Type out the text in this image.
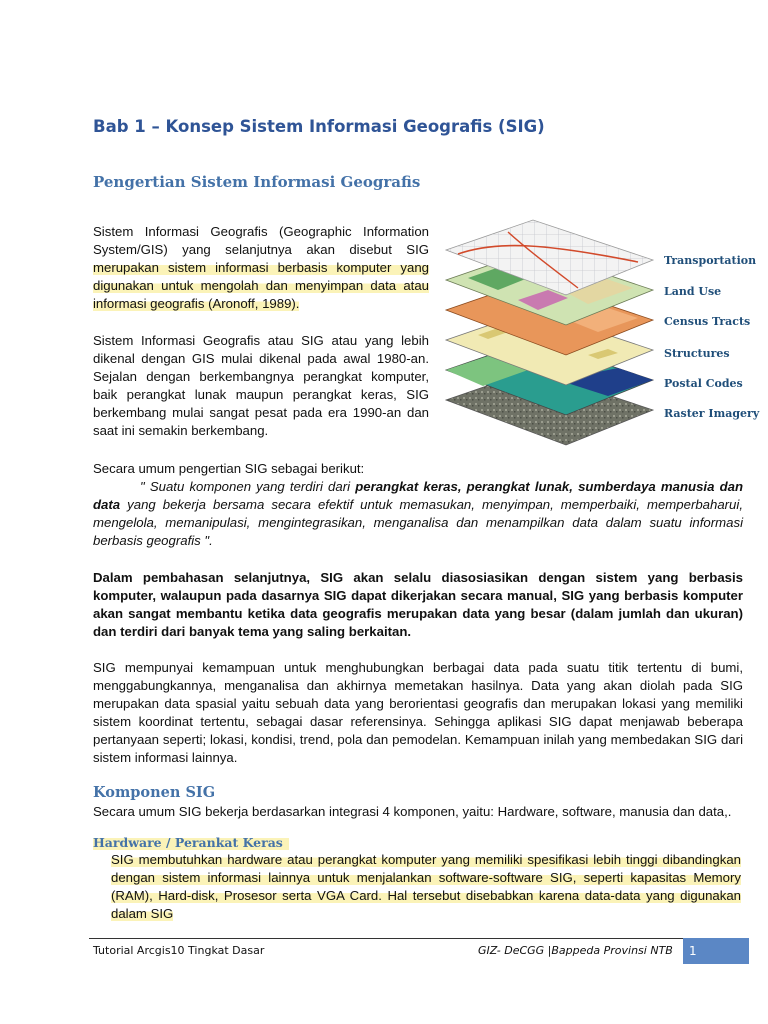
Bab 1 – Konsep Sistem Informasi Geografis (SIG)
Pengertian Sistem Informasi Geografis

Sistem Informasi Geografis (Geographic Information System/GIS) yang selanjutnya akan disebut SIG merupakan sistem informasi berbasis komputer yang digunakan untuk mengolah dan menyimpan data atau informasi geografis (Aronoff, 1989).

Sistem Informasi Geografis atau SIG atau yang lebih dikenal dengan GIS mulai dikenal pada awal 1980-an. Sejalan dengan berkembangnya perangkat komputer, baik perangkat lunak maupun perangkat keras, SIG berkembang mulai sangat pesat pada era 1990-an dan saat ini semakin berkembang.

Secara umum pengertian SIG sebagai berikut:
" Suatu komponen yang terdiri dari perangkat keras, perangkat lunak, sumberdaya manusia dan data yang bekerja bersama secara efektif untuk memasukan, menyimpan, memperbaiki, memperbaharui, mengelola, memanipulasi, mengintegrasikan, menganalisa dan menampilkan data dalam suatu informasi berbasis geografis ".

Dalam pembahasan selanjutnya, SIG akan selalu diasosiasikan dengan sistem yang berbasis komputer, walaupun pada dasarnya SIG dapat dikerjakan secara manual, SIG yang berbasis komputer akan sangat membantu ketika data geografis merupakan data yang besar (dalam jumlah dan ukuran) dan terdiri dari banyak tema yang saling berkaitan.

SIG mempunyai kemampuan untuk menghubungkan berbagai data pada suatu titik tertentu di bumi, menggabungkannya, menganalisa dan akhirnya memetakan hasilnya. Data yang akan diolah pada SIG merupakan data spasial yaitu sebuah data yang berorientasi geografis dan merupakan lokasi yang memiliki sistem koordinat tertentu, sebagai dasar referensinya. Sehingga aplikasi SIG dapat menjawab beberapa pertanyaan seperti; lokasi, kondisi, trend, pola dan pemodelan. Kemampuan inilah yang membedakan SIG dari sistem informasi lainnya.

Komponen SIG

Secara umum SIG bekerja berdasarkan integrasi 4 komponen, yaitu: Hardware, software, manusia dan data,.

Hardware / Perankat Keras

SIG membutuhkan hardware atau perangkat komputer yang memiliki spesifikasi lebih tinggi dibandingkan dengan sistem informasi lainnya untuk menjalankan software-software SIG, seperti kapasitas Memory (RAM), Hard-disk, Prosesor serta VGA Card. Hal tersebut disebabkan karena data-data yang digunakan dalam SIG

Transportation
Land Use
Census Tracts
Structures
Postal Codes
Raster Imagery
Tutorial Arcgis10 Tingkat Dasar	GIZ- DeCGG |Bappeda Provinsi NTB	1
